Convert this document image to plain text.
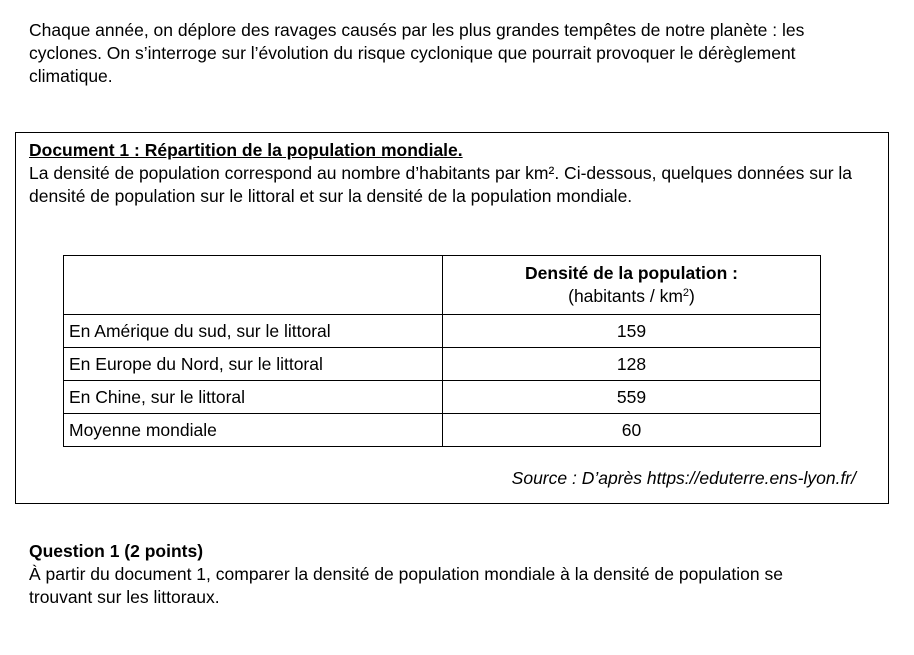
Chaque année, on déplore des ravages causés par les plus grandes tempêtes de notre planète : les cyclones. On s’interroge sur l’évolution du risque cyclonique que pourrait provoquer le dérèglement climatique.

Document 1 : Répartition de la population mondiale.

La densité de population correspond au nombre d’habitants par km². Ci-dessous, quelques données sur la densité de population sur le littoral et sur la densité de la population mondiale.

	Densité de la population :
(habitants / $km^2$)
En Amérique du sud, sur le littoral	159
En Europe du Nord, sur le littoral	128
En Chine, sur le littoral	559
Moyenne mondiale	60

Source : D’après https://eduterre.ens-lyon.fr/

Question 1 (2 points)

À partir du document 1, comparer la densité de population mondiale à la densité de population se trouvant sur les littoraux.
